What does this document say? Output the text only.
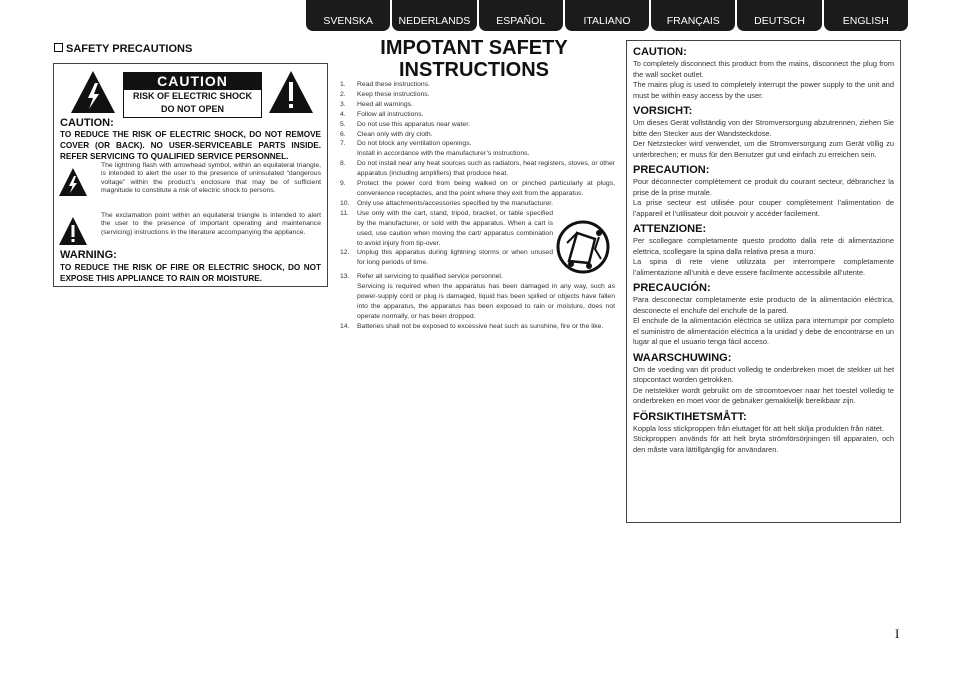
SVENSKA	NEDERLANDS	ESPAÑOL	ITALIANO	FRANÇAIS	DEUTSCH	ENGLISH
SAFETY PRECAUTIONS
CAUTION
RISK OF ELECTRIC SHOCK
DO NOT OPEN
CAUTION:
TO REDUCE THE RISK OF ELECTRIC SHOCK, DO NOT REMOVE COVER (OR BACK). NO USER-SERVICEABLE PARTS INSIDE. REFER SERVICING TO QUALIFIED SERVICE PERSONNEL.
The lightning flash with arrowhead symbol, within an equilateral triangle, is intended to alert the user to the presence of uninsulated “dangerous voltage” within the product’s enclosure that may be of sufficient magnitude to constitute a risk of electric shock to persons.
The exclamation point within an equilateral triangle is intended to alert the user to the presence of important operating and maintenance (servicing) instructions in the literature accompanying the appliance.
WARNING:
TO REDUCE THE RISK OF FIRE OR ELECTRIC SHOCK, DO NOT EXPOSE THIS APPLIANCE TO RAIN OR MOISTURE.
IMPOTANT SAFETY
INSTRUCTIONS
1.	Read these instructions.
2.	Keep these instructions.
3.	Heed all warnings.
4.	Follow all instructions.
5.	Do not use this apparatus near water.
6.	Clean only with dry cloth.
7.	Do not block any ventilation openings.
Install in accordance with the manufacturer’s instructions.
8.	Do not install near any heat sources such as radiators, heat registers, stoves, or other apparatus (including amplifiers) that produce heat.
9.	Protect the power cord from being walked on or pinched particularly at plugs, convenience receptacles, and the point where they exit from the apparatus.
10.	Only use attachments/accessories specified by the manufacturer.
11.	Use only with the cart, stand, tripod, bracket, or table specified by the manufacturer, or sold with the apparatus. When a cart is used, use caution when moving the cart/ apparatus combination to avoid injury from tip-over.
12.	Unplug this apparatus during lightning storms or when unused for long periods of time.
13.	Refer all servicing to qualified service personnel.
Servicing is required when the apparatus has been damaged in any way, such as power-supply cord or plug is damaged, liquid has been spilled or objects have fallen into the apparatus, the apparatus has been exposed to rain or moisture, does not operate normally, or has been dropped.
14.	Batteries shall not be exposed to excessive heat such as sunshine, fire or the like.
CAUTION:

To completely disconnect this product from the mains, disconnect the plug from the wall socket outlet.
The mains plug is used to completely interrupt the power supply to the unit and must be within easy access by the user.

VORSICHT:

Um dieses Gerät vollständig von der Stromversorgung abzutrennen, ziehen Sie bitte den Stecker aus der Wandsteckdose.
Der Netzstecker wird verwendet, um die Stromversorgung zum Gerät völlig zu unterbrechen; er muss für den Benutzer gut und einfach zu erreichen sein.

PRECAUTION:

Pour déconnecter complètement ce produit du courant secteur, débranchez la prise de la prise murale.
La prise secteur est utilisée pour couper complètement l’alimentation de l’appareil et l’utilisateur doit pouvoir y accéder facilement.

ATTENZIONE:

Per scollegare completamente questo prodotto dalla rete di alimentazione elettrica, scollegare la spina dalla relativa presa a muro.
La spina di rete viene utilizzata per interrompere completamente l’alimentazione all’unità e deve essere facilmente accessibile all’utente.

PRECAUCIÓN:

Para desconectar completamente este producto de la alimentación eléctrica, desconecte el enchufe del enchufe de la pared.
El enchufe de la alimentación eléctrica se utiliza para interrumpir por completo el suministro de alimentación eléctrica a la unidad y debe de encontrarse en un lugar al que el usuario tenga fácil acceso.

WAARSCHUWING:

Om de voeding van dit product volledig te onderbreken moet de stekker uit het stopcontact worden getrokken.
De netstekker wordt gebruikt om de stroomtoevoer naar het toestel volledig te onderbreken en moet voor de gebruiker gemakkelijk bereikbaar zijn.

FÖRSIKTIHETSMÅTT:

Koppla loss stickproppen från eluttaget för att helt skilja produkten från nätet.
Stickproppen används för att helt bryta strömförsörjningen till apparaten, och den måste vara lättillgänglig för användaren.

I
